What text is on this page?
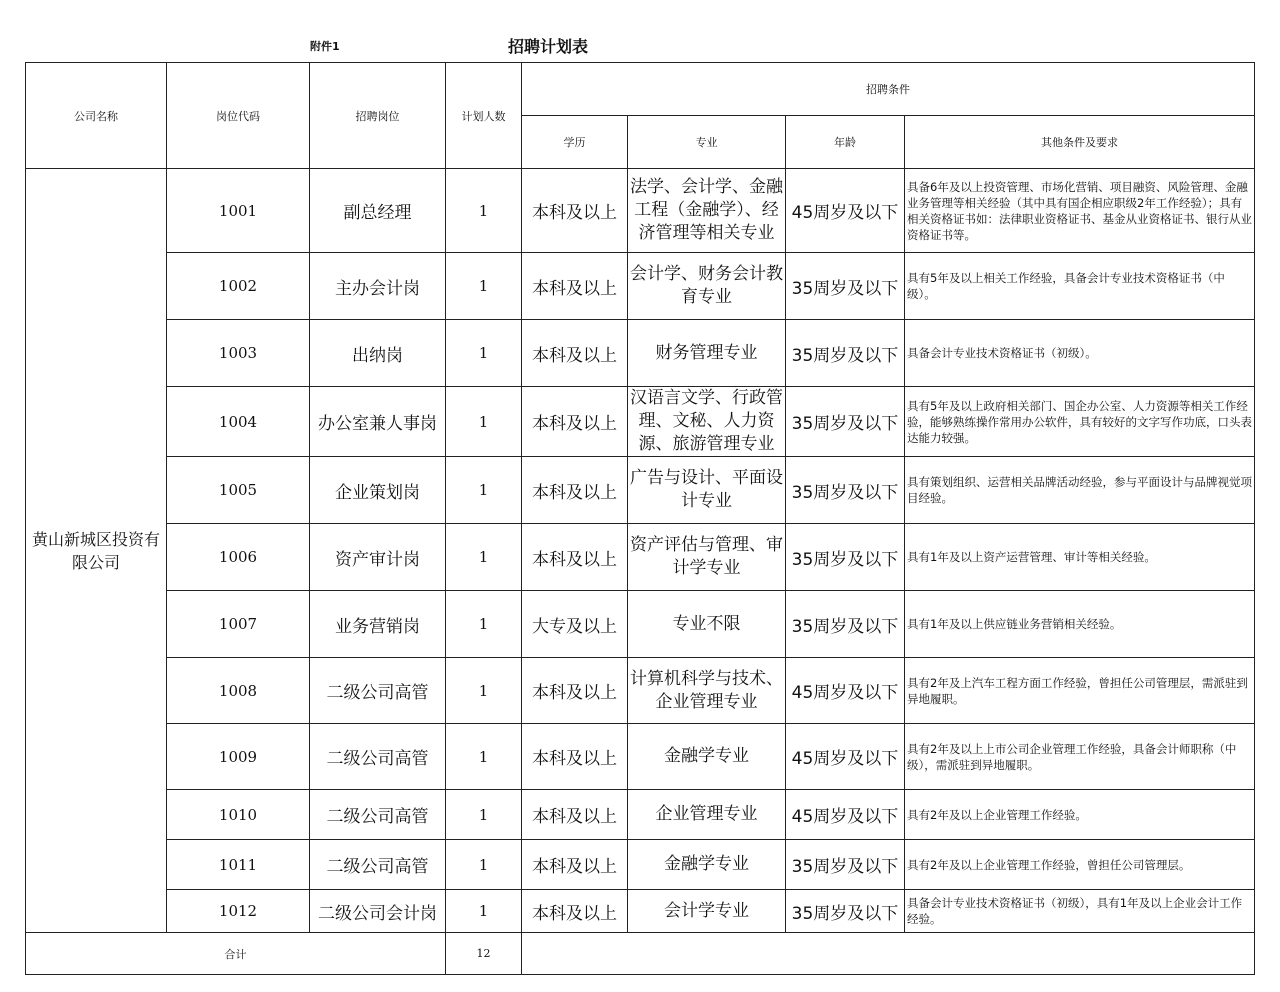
附件1	招聘计划表
公司名称	岗位代码	招聘岗位	计划人数	招聘条件			
				学历	专业	年龄	其他条件及要求
黄山新城区投资有限公司	1001	副总经理	1	本科及以上	法学、会计学、金融工程（金融学）、经济管理等相关专业	45周岁及以下	具备6年及以上投资管理、市场化营销、项目融资、风险管理、金融业务管理等相关经验（其中具有国企相应职级2年工作经验）；具有相关资格证书如：法律职业资格证书、基金从业资格证书、银行从业资格证书等。
	1002	主办会计岗	1	本科及以上	会计学、财务会计教育专业	35周岁及以下	具有5年及以上相关工作经验，具备会计专业技术资格证书（中级）。
	1003	出纳岗	1	本科及以上	财务管理专业	35周岁及以下	具备会计专业技术资格证书（初级）。
	1004	办公室兼人事岗	1	本科及以上	汉语言文学、行政管理、文秘、人力资源、旅游管理专业	35周岁及以下	具有5年及以上政府相关部门、国企办公室、人力资源等相关工作经验，能够熟练操作常用办公软件，具有较好的文字写作功底，口头表达能力较强。
	1005	企业策划岗	1	本科及以上	广告与设计、平面设计专业	35周岁及以下	具有策划组织、运营相关品牌活动经验，参与平面设计与品牌视觉项目经验。
	1006	资产审计岗	1	本科及以上	资产评估与管理、审计学专业	35周岁及以下	具有1年及以上资产运营管理、审计等相关经验。
	1007	业务营销岗	1	大专及以上	专业不限	35周岁及以下	具有1年及以上供应链业务营销相关经验。
	1008	二级公司高管	1	本科及以上	计算机科学与技术、企业管理专业	45周岁及以下	具有2年及上汽车工程方面工作经验，曾担任公司管理层，需派驻到异地履职。
	1009	二级公司高管	1	本科及以上	金融学专业	45周岁及以下	具有2年及以上上市公司企业管理工作经验，具备会计师职称（中级），需派驻到异地履职。
	1010	二级公司高管	1	本科及以上	企业管理专业	45周岁及以下	具有2年及以上企业管理工作经验。
	1011	二级公司高管	1	本科及以上	金融学专业	35周岁及以下	具有2年及以上企业管理工作经验，曾担任公司管理层。
	1012	二级公司会计岗	1	本科及以上	会计学专业	35周岁及以下	具备会计专业技术资格证书（初级），具有1年及以上企业会计工作经验。
合计			12				
